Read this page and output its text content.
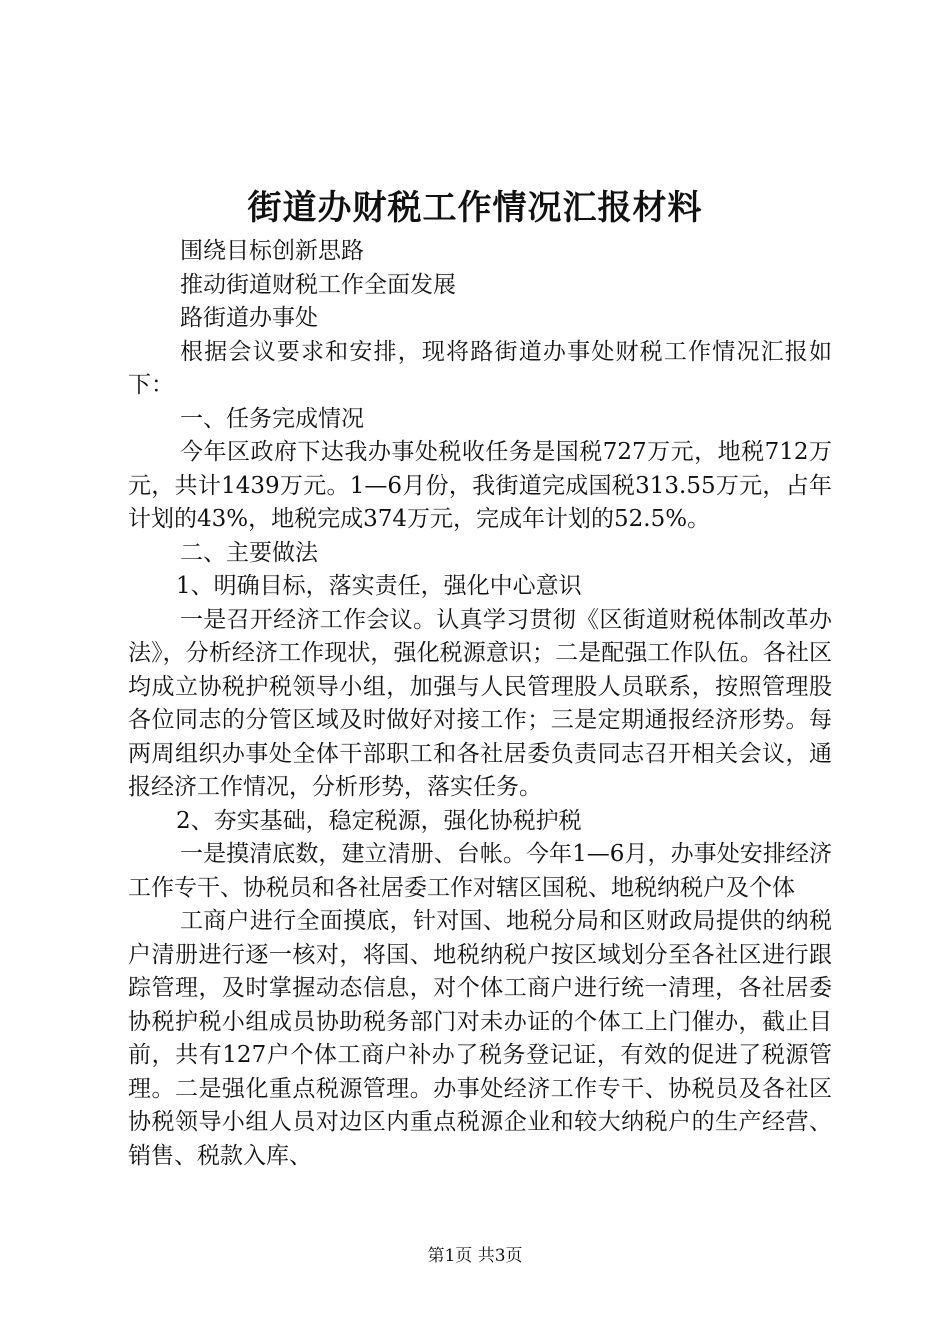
街道办财税工作情况汇报材料

围绕目标创新思路

推动街道财税工作全面发展

路街道办事处

根据会议要求和安排，现将路街道办事处财税工作情况汇报如下：

一、任务完成情况

今年区政府下达我办事处税收任务是国税727万元，地税712万元，共计1439万元。1—6月份，我街道完成国税313.55万元，占年计划的43%，地税完成374万元，完成年计划的52.5%。

二、主要做法

1、明确目标，落实责任，强化中心意识

一是召开经济工作会议。认真学习贯彻《区街道财税体制改革办法》，分析经济工作现状，强化税源意识；二是配强工作队伍。各社区均成立协税护税领导小组，加强与人民管理股人员联系，按照管理股各位同志的分管区域及时做好对接工作；三是定期通报经济形势。每两周组织办事处全体干部职工和各社居委负责同志召开相关会议，通报经济工作情况，分析形势，落实任务。

2、夯实基础，稳定税源，强化协税护税

一是摸清底数，建立清册、台帐。今年1—6月，办事处安排经济工作专干、协税员和各社居委工作对辖区国税、地税纳税户及个体

工商户进行全面摸底，针对国、地税分局和区财政局提供的纳税户清册进行逐一核对，将国、地税纳税户按区域划分至各社区进行跟踪管理，及时掌握动态信息，对个体工商户进行统一清理，各社居委协税护税小组成员协助税务部门对未办证的个体工上门催办，截止目前，共有127户个体工商户补办了税务登记证，有效的促进了税源管理。二是强化重点税源管理。办事处经济工作专干、协税员及各社区协税领导小组人员对边区内重点税源企业和较大纳税户的生产经营、销售、税款入库、

第1页 共3页
